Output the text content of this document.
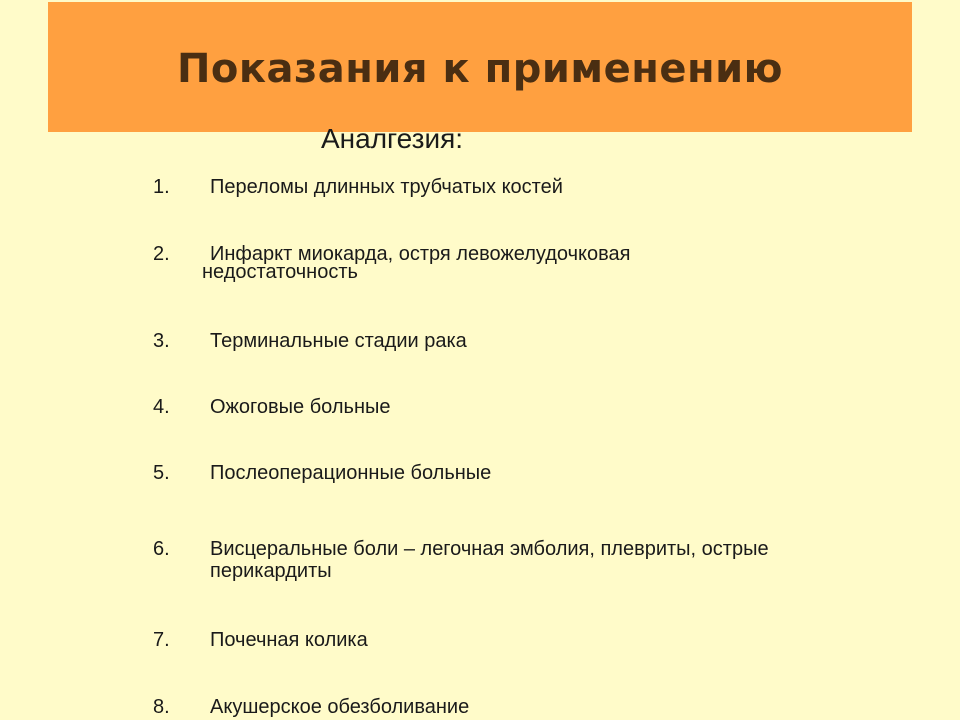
Показания к применению
Аналгезия:
1. Переломы длинных трубчатых костей
2. Инфаркт миокарда, остря левожелудочковая
недостаточность
3. Терминальные стадии рака
4. Ожоговые больные
5. Послеоперационные больные
6. Висцеральные боли – легочная эмболия, плевриты, острые
перикардиты
7. Почечная колика
8. Акушерское обезболивание
